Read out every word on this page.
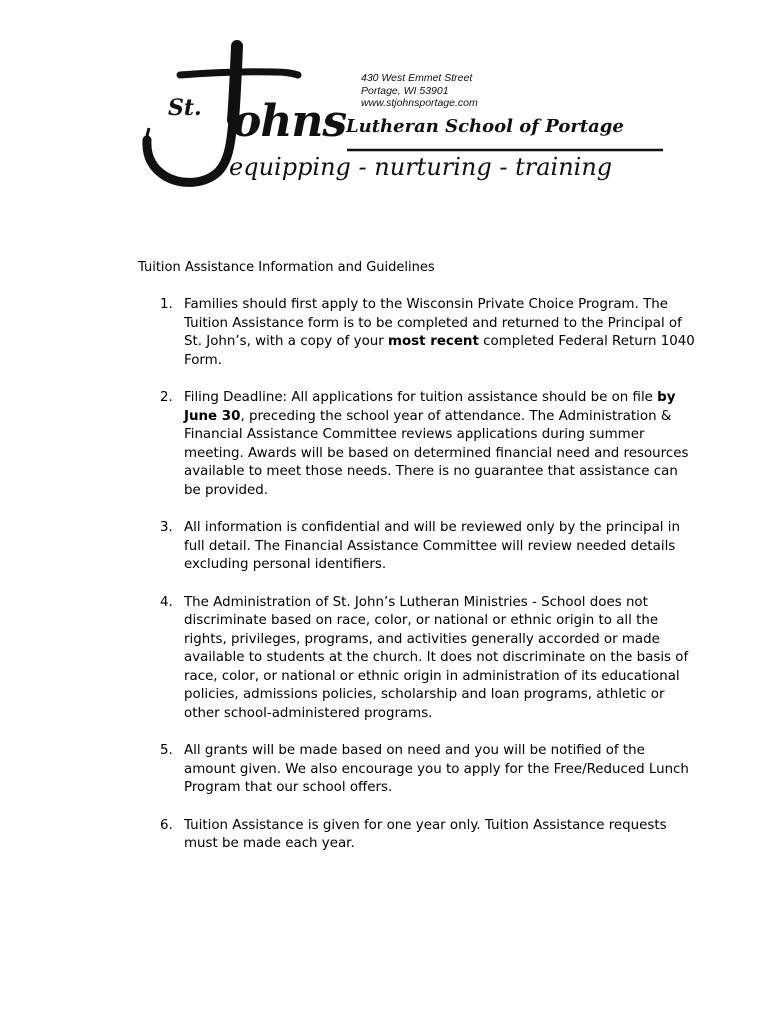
St. ohns
430 West Emmet Street
Portage, WI 53901
www.stjohnsportage.com
Lutheran School of Portage
equipping - nurturing - training
Tuition Assistance Information and Guidelines
1. Families should first apply to the Wisconsin Private Choice Program. The Tuition Assistance form is to be completed and returned to the Principal of St. John’s, with a copy of your most recent completed Federal Return 1040 Form.
2. Filing Deadline: All applications for tuition assistance should be on file by June 30, preceding the school year of attendance. The Administration & Financial Assistance Committee reviews applications during summer meeting. Awards will be based on determined financial need and resources available to meet those needs. There is no guarantee that assistance can be provided.
3. All information is confidential and will be reviewed only by the principal in full detail. The Financial Assistance Committee will review needed details excluding personal identifiers.
4. The Administration of St. John’s Lutheran Ministries - School does not discriminate based on race, color, or national or ethnic origin to all the rights, privileges, programs, and activities generally accorded or made available to students at the church. It does not discriminate on the basis of race, color, or national or ethnic origin in administration of its educational policies, admissions policies, scholarship and loan programs, athletic or other school-administered programs.
5. All grants will be made based on need and you will be notified of the amount given. We also encourage you to apply for the Free/Reduced Lunch Program that our school offers.
6. Tuition Assistance is given for one year only. Tuition Assistance requests must be made each year.
